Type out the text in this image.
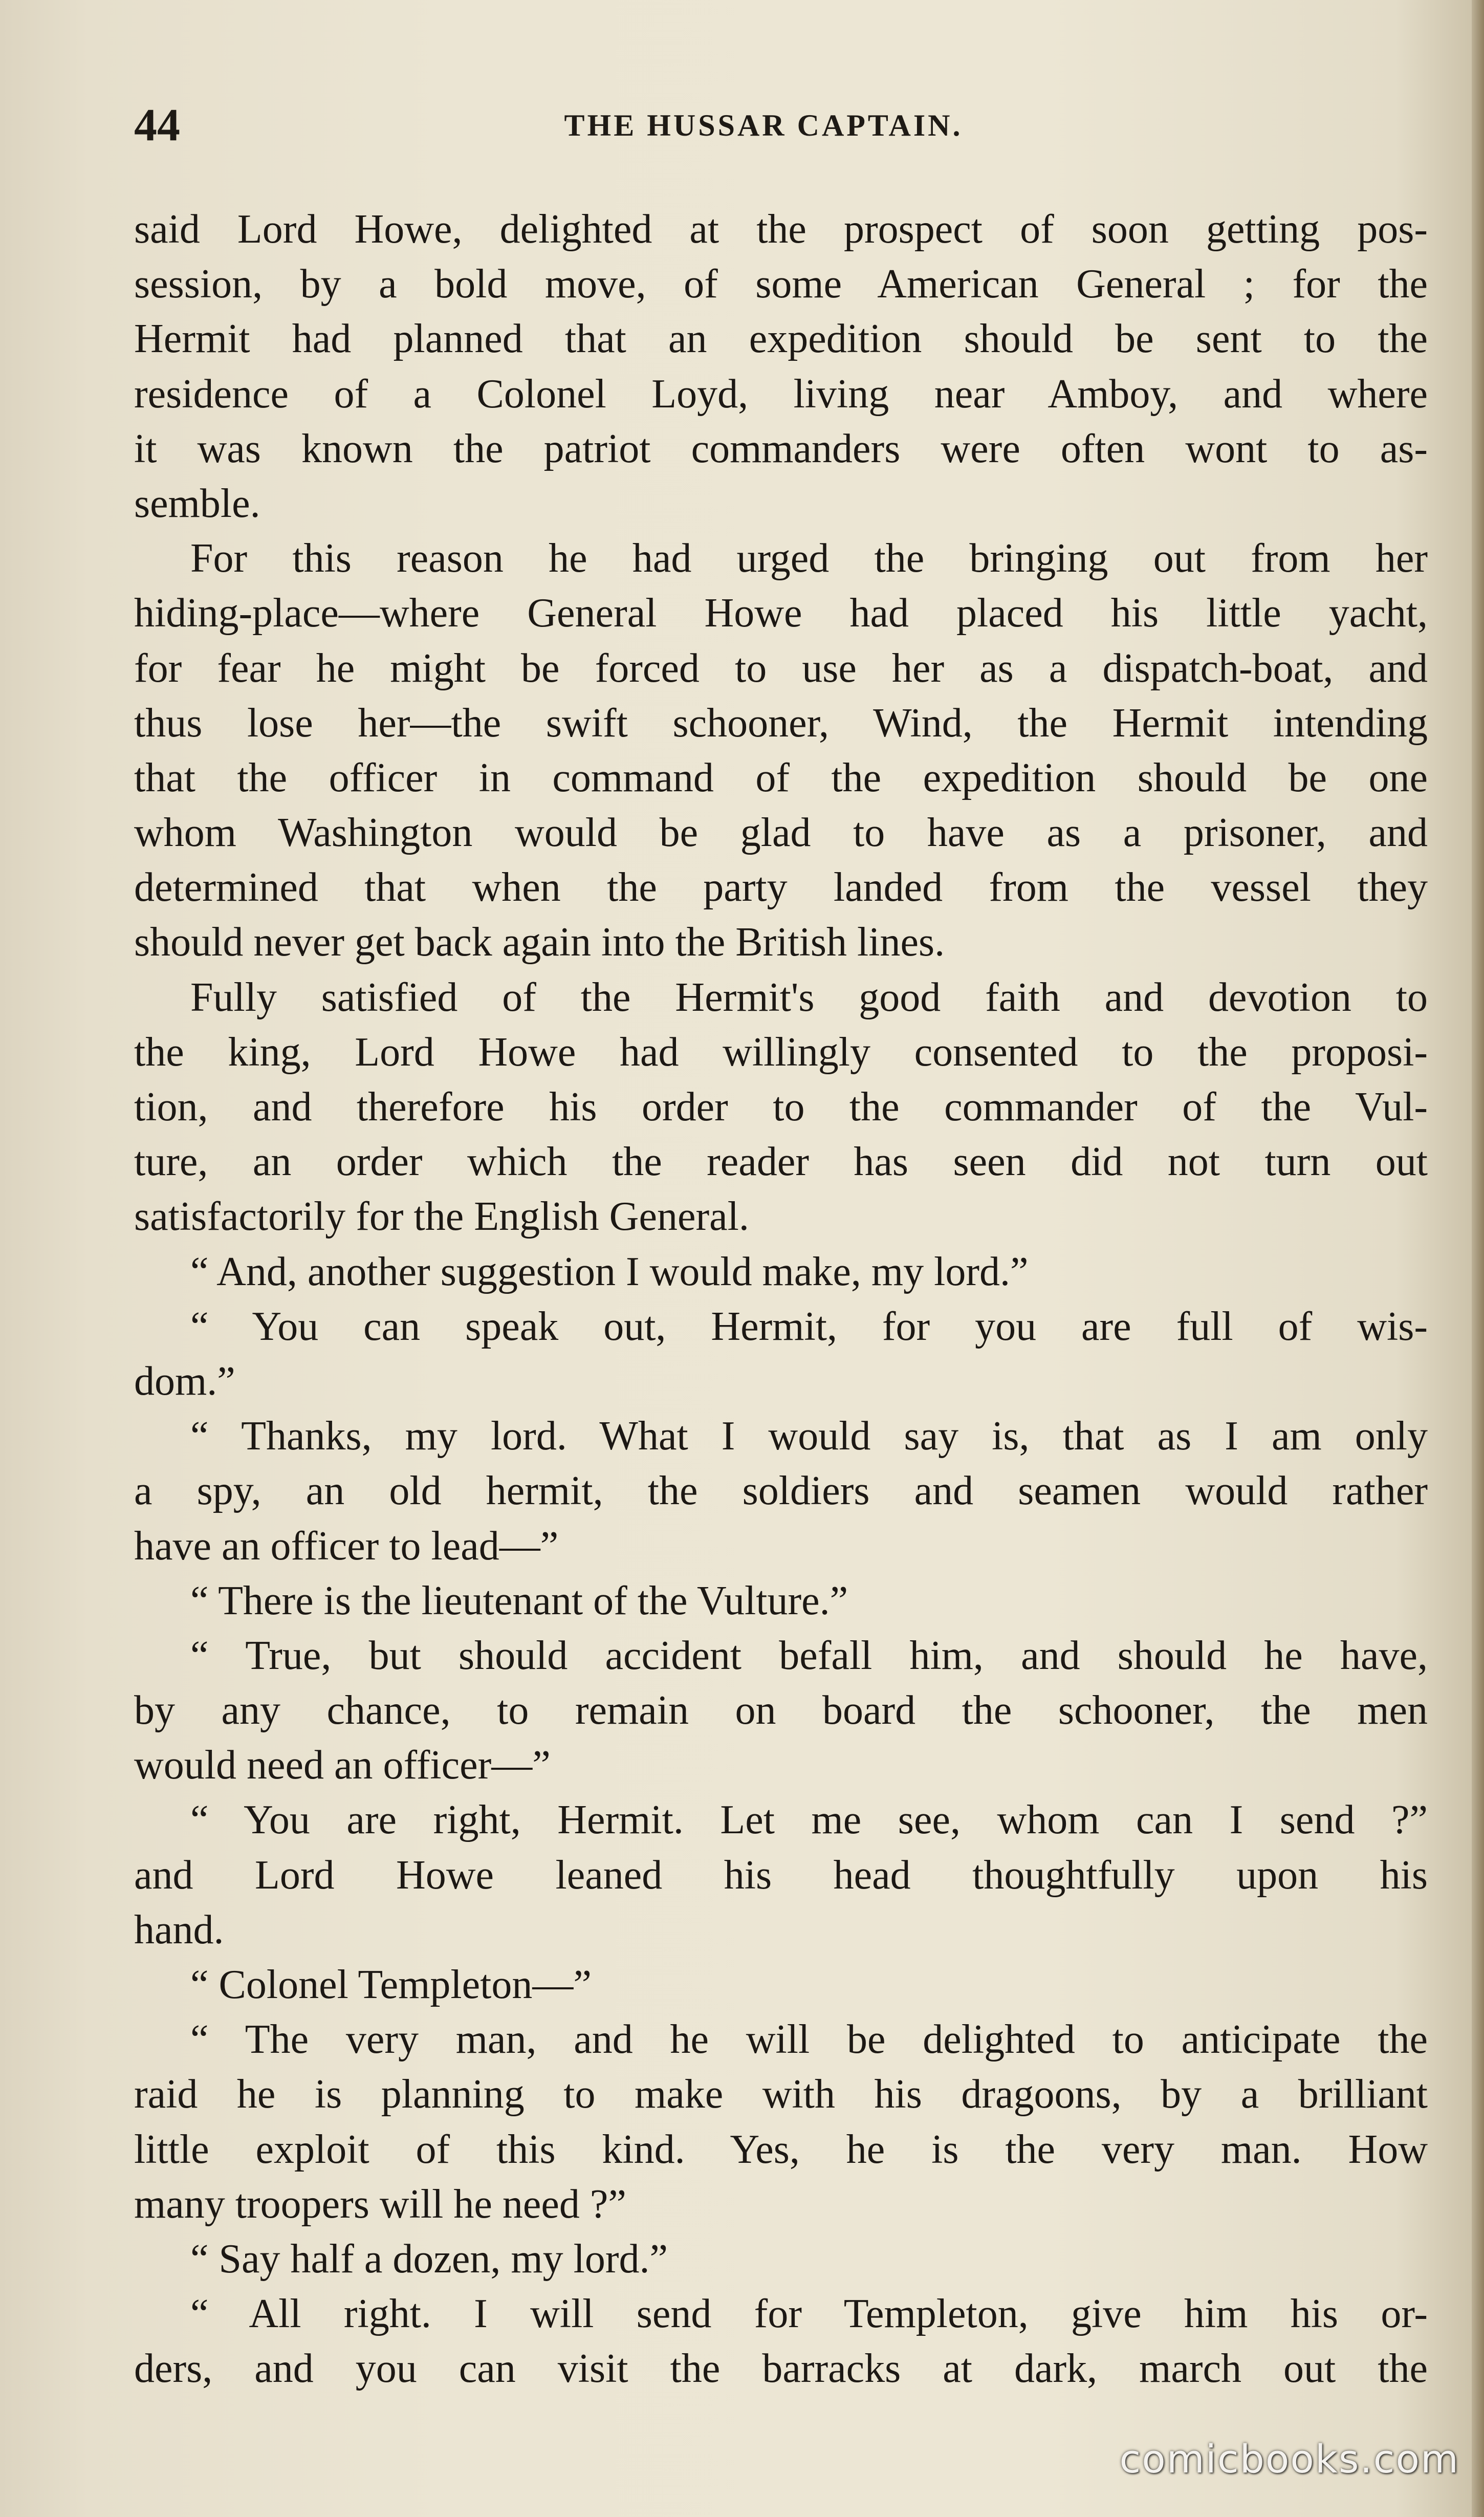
44	THE HUSSAR CAPTAIN.
said Lord Howe, delighted at the prospect of soon getting pos-
session, by a bold move, of some American General ; for the
Hermit had planned that an expedition should be sent to the
residence of a Colonel Loyd, living near Amboy, and where
it was known the patriot commanders were often wont to as-
semble.
For this reason he had urged the bringing out from her
hiding-place—where General Howe had placed his little yacht,
for fear he might be forced to use her as a dispatch-boat, and
thus lose her—the swift schooner, Wind, the Hermit intending
that the officer in command of the expedition should be one
whom Washington would be glad to have as a prisoner, and
determined that when the party landed from the vessel they
should never get back again into the British lines.
Fully satisfied of the Hermit's good faith and devotion to
the king, Lord Howe had willingly consented to the proposi-
tion, and therefore his order to the commander of the Vul-
ture, an order which the reader has seen did not turn out
satisfactorily for the English General.
“ And, another suggestion I would make, my lord.”
“ You can speak out, Hermit, for you are full of wis-
dom.”
“ Thanks, my lord. What I would say is, that as I am only
a spy, an old hermit, the soldiers and seamen would rather
have an officer to lead—”
“ There is the lieutenant of the Vulture.”
“ True, but should accident befall him, and should he have,
by any chance, to remain on board the schooner, the men
would need an officer—”
“ You are right, Hermit. Let me see, whom can I send ?”
and Lord Howe leaned his head thoughtfully upon his
hand.
“ Colonel Templeton—”
“ The very man, and he will be delighted to anticipate the
raid he is planning to make with his dragoons, by a brilliant
little exploit of this kind. Yes, he is the very man. How
many troopers will he need ?”
“ Say half a dozen, my lord.”
“ All right. I will send for Templeton, give him his or-
ders, and you can visit the barracks at dark, march out the
comicbooks.com
